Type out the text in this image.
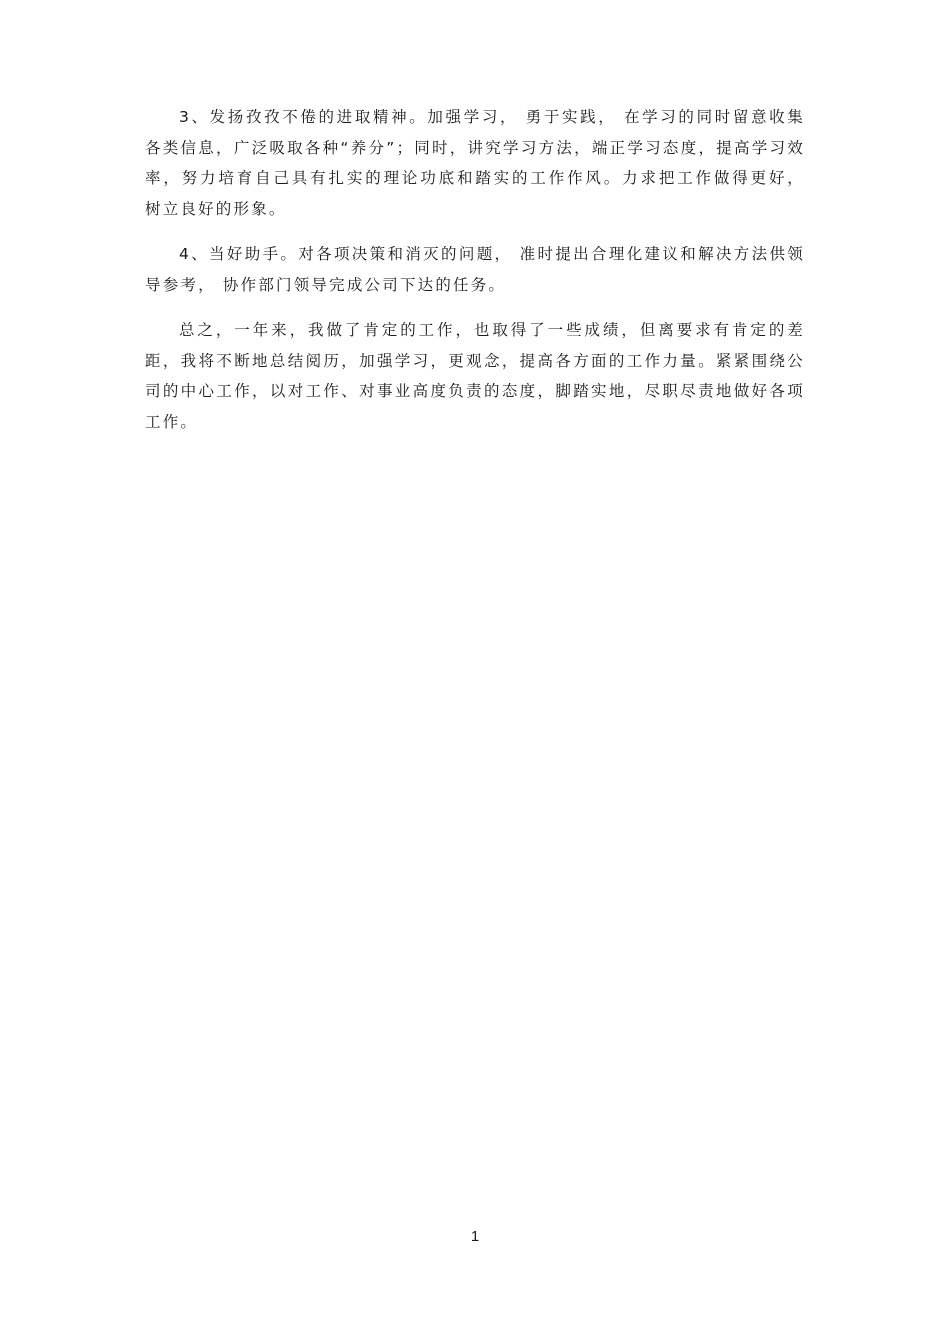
3、发扬孜孜不倦的进取精神。加强学习， 勇于实践， 在学习的同时留意收集各类信息，广泛吸取各种“养分”；同时，讲究学习方法，端正学习态度，提高学习效率，努力培育自己具有扎实的理论功底和踏实的工作作风。力求把工作做得更好， 树立良好的形象。

4、当好助手。对各项决策和消灭的问题， 准时提出合理化建议和解决方法供领导参考， 协作部门领导完成公司下达的任务。

总之，一年来，我做了肯定的工作，也取得了一些成绩，但离要求有肯定的差距，我将不断地总结阅历，加强学习，更观念，提高各方面的工作力量。紧紧围绕公司的中心工作，以对工作、对事业高度负责的态度，脚踏实地，尽职尽责地做好各项工作。

1
